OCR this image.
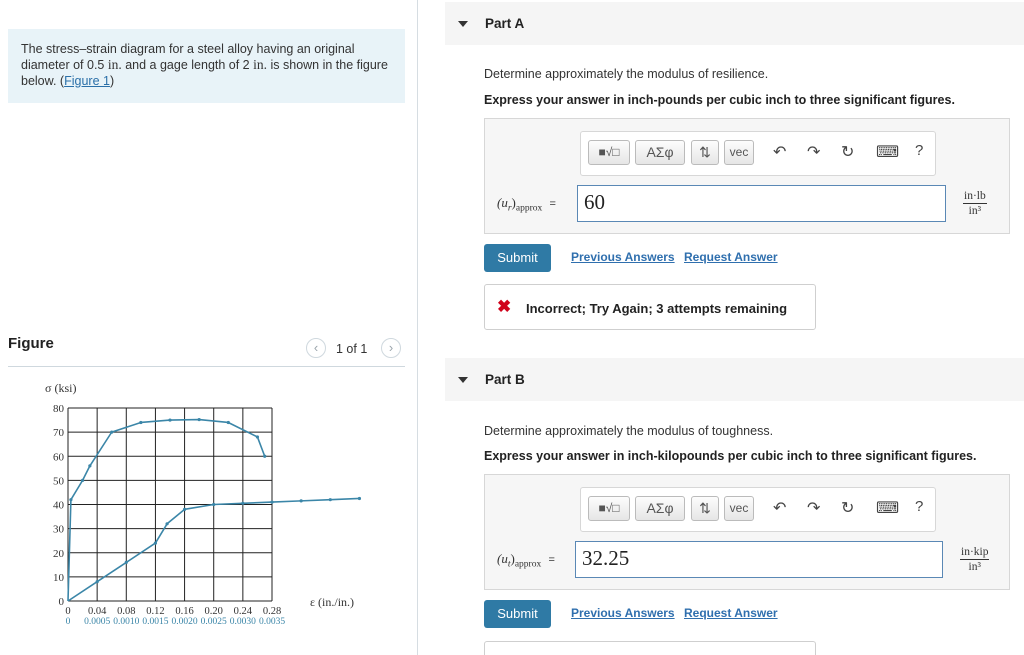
The stress–strain diagram for a steel alloy having an original diameter of 0.5 in. and a gage length of 2 in. is shown in the figure below. (Figure 1)
Figure	‹	1 of 1	›
σ (ksi)
ε (in./in.)
0
10
20
30
40
50
60
70
80
0 0.04 0.08 0.12 0.16 0.20 0.24 0.28
0 0.0005 0.0010 0.0015 0.0020 0.0025 0.0030 0.0035
Part A
Determine approximately the modulus of resilience.
Express your answer in inch-pounds per cubic inch to three significant figures.
■√□	ΑΣφ	⇅	vec	↶ ↷ ↻ ⌨ ?
$(u_r)_{approx}$ =	60	$\frac{in\cdot lb}{\text{in³}}$
Submit	Previous Answers Request Answer
✖ Incorrect; Try Again; 3 attempts remaining
Part B
Determine approximately the modulus of toughness.
Express your answer in inch-kilopounds per cubic inch to three significant figures.
■√□	ΑΣφ	⇅	vec	↶ ↷ ↻ ⌨ ?
$(u_t)_{approx}$ =	32.25	in·kip
in³
Submit	Previous Answers Request Answer
